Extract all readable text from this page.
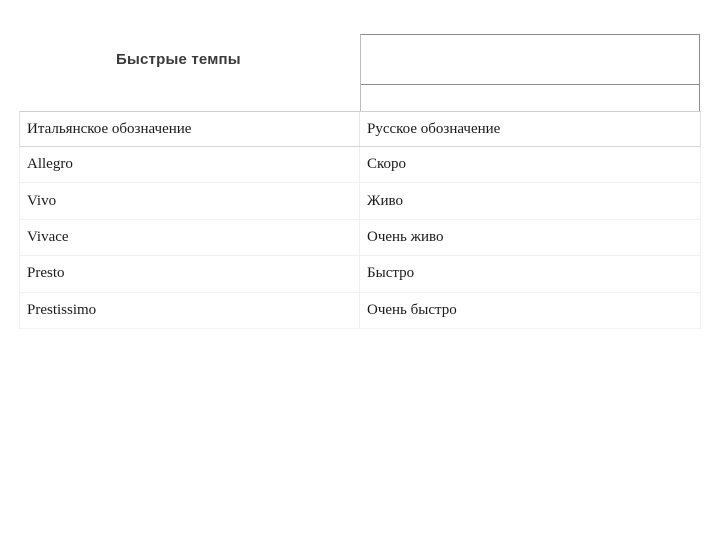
Быстрые темпы
Итальянское обозначение	Русское обозначение
Allegro	Скоро
Vivo	Живо
Vivace	Очень живо
Presto	Быстро
Prestissimo	Очень быстро
